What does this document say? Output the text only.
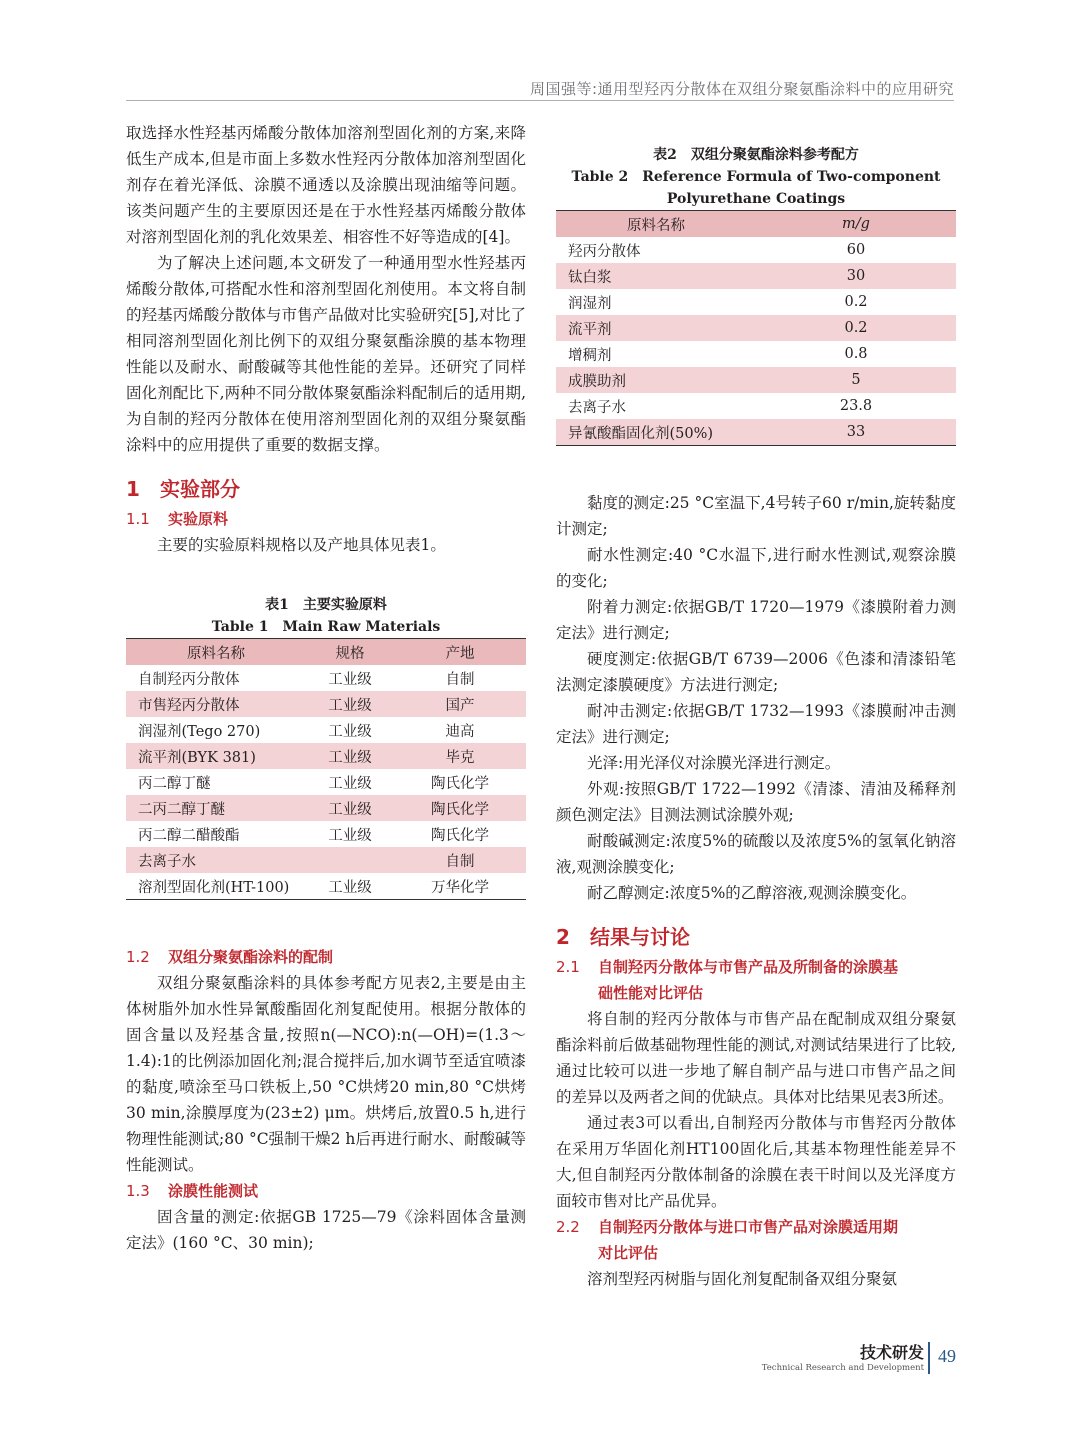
周国强等:通用型羟丙分散体在双组分聚氨酯涂料中的应用研究

取选择水性羟基丙烯酸分散体加溶剂型固化剂的方案,来降低生产成本,但是市面上多数水性羟丙分散体加溶剂型固化剂存在着光泽低、涂膜不通透以及涂膜出现油缩等问题。该类问题产生的主要原因还是在于水性羟基丙烯酸分散体对溶剂型固化剂的乳化效果差、相容性不好等造成的[4]。

为了解决上述问题,本文研发了一种通用型水性羟基丙烯酸分散体,可搭配水性和溶剂型固化剂使用。本文将自制的羟基丙烯酸分散体与市售产品做对比实验研究[5],对比了相同溶剂型固化剂比例下的双组分聚氨酯涂膜的基本物理性能以及耐水、耐酸碱等其他性能的差异。还研究了同样固化剂配比下,两种不同分散体聚氨酯涂料配制后的适用期,为自制的羟丙分散体在使用溶剂型固化剂的双组分聚氨酯涂料中的应用提供了重要的数据支撑。

1 实验部分

1.1 实验原料

主要的实验原料规格以及产地具体见表1。

表1　主要实验原料

Table 1　Main Raw Materials

原料名称	规格	产地
自制羟丙分散体	工业级	自制
市售羟丙分散体	工业级	国产
润湿剂(Tego 270)	工业级	迪高
流平剂(BYK 381)	工业级	毕克
丙二醇丁醚	工业级	陶氏化学
二丙二醇丁醚	工业级	陶氏化学
丙二醇二醋酸酯	工业级	陶氏化学
去离子水		自制
溶剂型固化剂(HT-100)	工业级	万华化学

1.2 双组分聚氨酯涂料的配制

双组分聚氨酯涂料的具体参考配方见表2,主要是由主体树脂外加水性异氰酸酯固化剂复配使用。根据分散体的固含量以及羟基含量,按照n(—NCO):n(—OH)=(1.3～1.4):1的比例添加固化剂;混合搅拌后,加水调节至适宜喷漆的黏度,喷涂至马口铁板上,50 °C烘烤20 min,80 °C烘烤30 min,涂膜厚度为(23±2) μm。烘烤后,放置0.5 h,进行物理性能测试;80 °C强制干燥2 h后再进行耐水、耐酸碱等性能测试。

1.3 涂膜性能测试

固含量的测定:依据GB 1725—79《涂料固体含量测定法》(160 °C、30 min);

表2　双组分聚氨酯涂料参考配方

Table 2　Reference Formula of Two-component

Polyurethane Coatings

原料名称	m/g
羟丙分散体	60
钛白浆	30
润湿剂	0.2
流平剂	0.2
增稠剂	0.8
成膜助剂	5
去离子水	23.8
异氰酸酯固化剂(50%)	33

黏度的测定:25 °C室温下,4号转子60 r/min,旋转黏度计测定;

耐水性测定:40 °C水温下,进行耐水性测试,观察涂膜的变化;

附着力测定:依据GB/T 1720—1979《漆膜附着力测定法》进行测定;

硬度测定:依据GB/T 6739—2006《色漆和清漆铅笔法测定漆膜硬度》方法进行测定;

耐冲击测定:依据GB/T 1732—1993《漆膜耐冲击测定法》进行测定;

光泽:用光泽仪对涂膜光泽进行测定。

外观:按照GB/T 1722—1992《清漆、清油及稀释剂颜色测定法》目测法测试涂膜外观;

耐酸碱测定:浓度5%的硫酸以及浓度5%的氢氧化钠溶液,观测涂膜变化;

耐乙醇测定:浓度5%的乙醇溶液,观测涂膜变化。

2 结果与讨论

2.1 自制羟丙分散体与市售产品及所制备的涂膜基

础性能对比评估

将自制的羟丙分散体与市售产品在配制成双组分聚氨酯涂料前后做基础物理性能的测试,对测试结果进行了比较,通过比较可以进一步地了解自制产品与进口市售产品之间的差异以及两者之间的优缺点。具体对比结果见表3所述。

通过表3可以看出,自制羟丙分散体与市售羟丙分散体在采用万华固化剂HT100固化后,其基本物理性能差异不大,但自制羟丙分散体制备的涂膜在表干时间以及光泽度方面较市售对比产品优异。

2.2 自制羟丙分散体与进口市售产品对涂膜适用期

对比评估

溶剂型羟丙树脂与固化剂复配制备双组分聚氨

技术研发
Technical Research and Development
49
